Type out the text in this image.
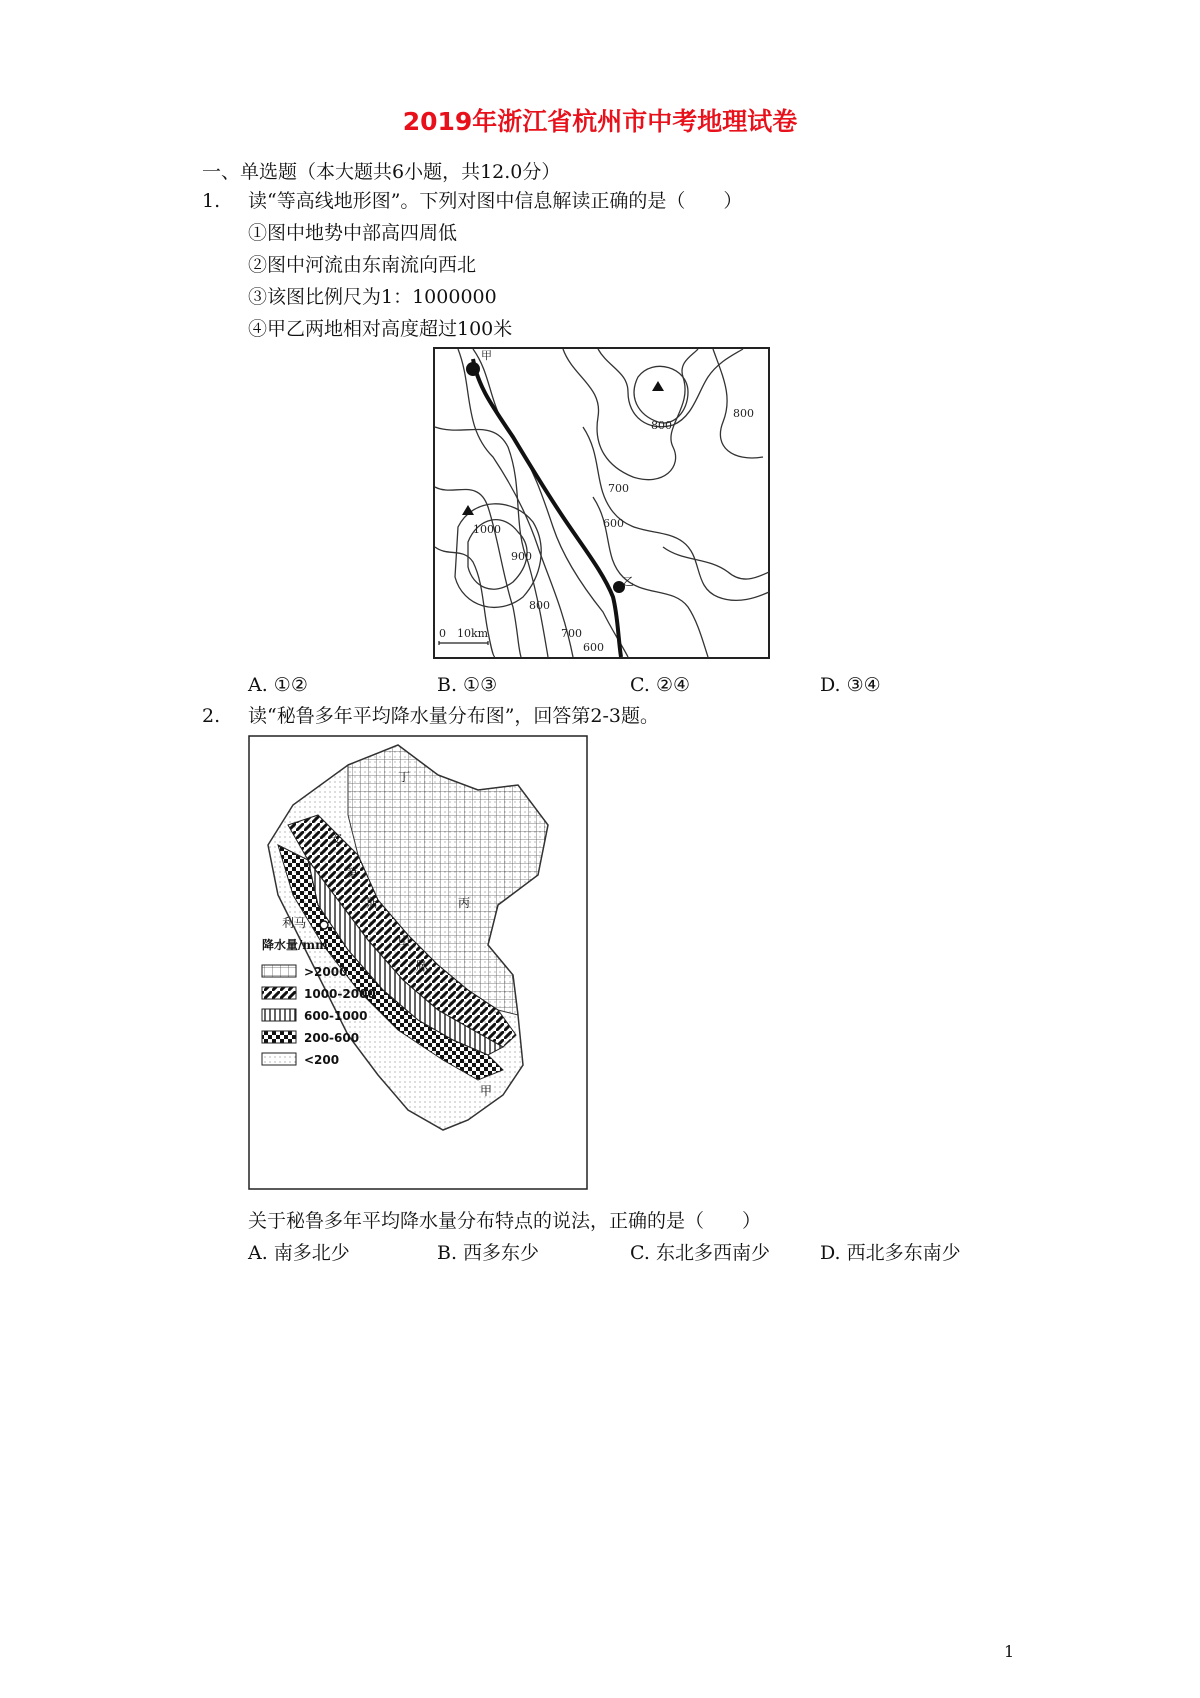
2019年浙江省杭州市中考地理试卷
一、单选题（本大题共6小题，共12.0分）
1. 读“等高线地形图”。下列对图中信息解读正确的是（　　）
①图中地势中部高四周低
②图中河流由东南流向西北
③该图比例尺为1：1000000
④甲乙两地相对高度超过100米
甲
乙
800
800
700
600
1000
900
800
700
600
0　10km
A. ①②	B. ①③	C. ②④	D. ③④
2. 读“秘鲁多年平均降水量分布图”，回答第2-3题。
丁
安
第
斯
山
脉
丙
甲
利马
降水量/mm
>2000
1000-2000
600-1000
200-600
<200
关于秘鲁多年平均降水量分布特点的说法，正确的是（　　）
A. 南多北少	B. 西多东少	C. 东北多西南少	D. 西北多东南少
1
